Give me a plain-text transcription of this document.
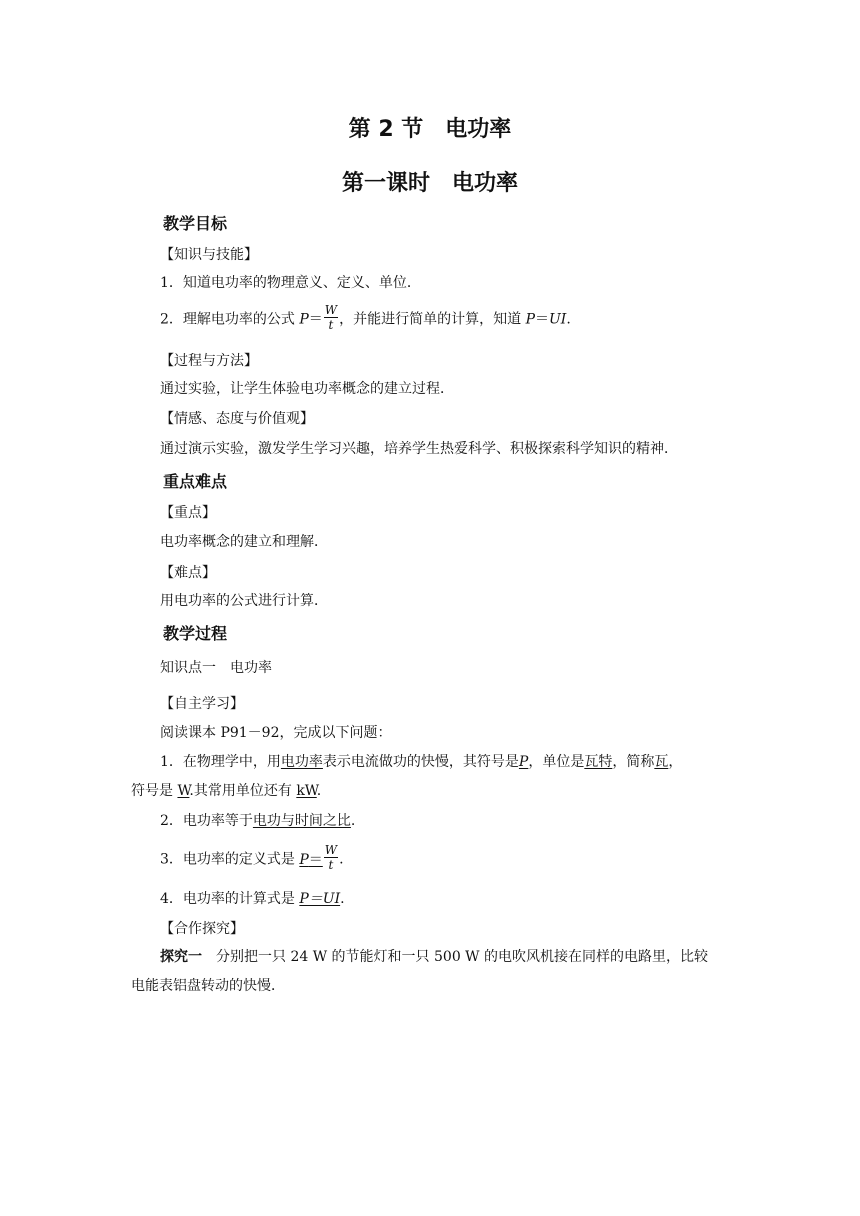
第 2 节　电功率
第一课时　电功率
教学目标
【知识与技能】
1．知道电功率的物理意义、定义、单位．
2．理解电功率的公式 $P= \frac{W}{t}$ ，并能进行简单的计算，知道 P＝UI.
【过程与方法】
通过实验，让学生体验电功率概念的建立过程．
【情感、态度与价值观】
通过演示实验，激发学生学习兴趣，培养学生热爱科学、积极探索科学知识的精神．
重点难点
【重点】
电功率概念的建立和理解．
【难点】
用电功率的公式进行计算．
教学过程
知识点一　电功率
【自主学习】
阅读课本 P91－92，完成以下问题：
1．在物理学中，用电功率表示电流做功的快慢，其符号是P，单位是瓦特，简称瓦，
符号是 W.其常用单位还有 kW.
2．电功率等于电功与时间之比.
3．电功率的定义式是 $P= \frac{W}{t}$ .
4．电功率的计算式是 P＝UI.
【合作探究】
探究一　分别把一只 24 W 的节能灯和一只 500 W 的电吹风机接在同样的电路里，比较
电能表铝盘转动的快慢．
